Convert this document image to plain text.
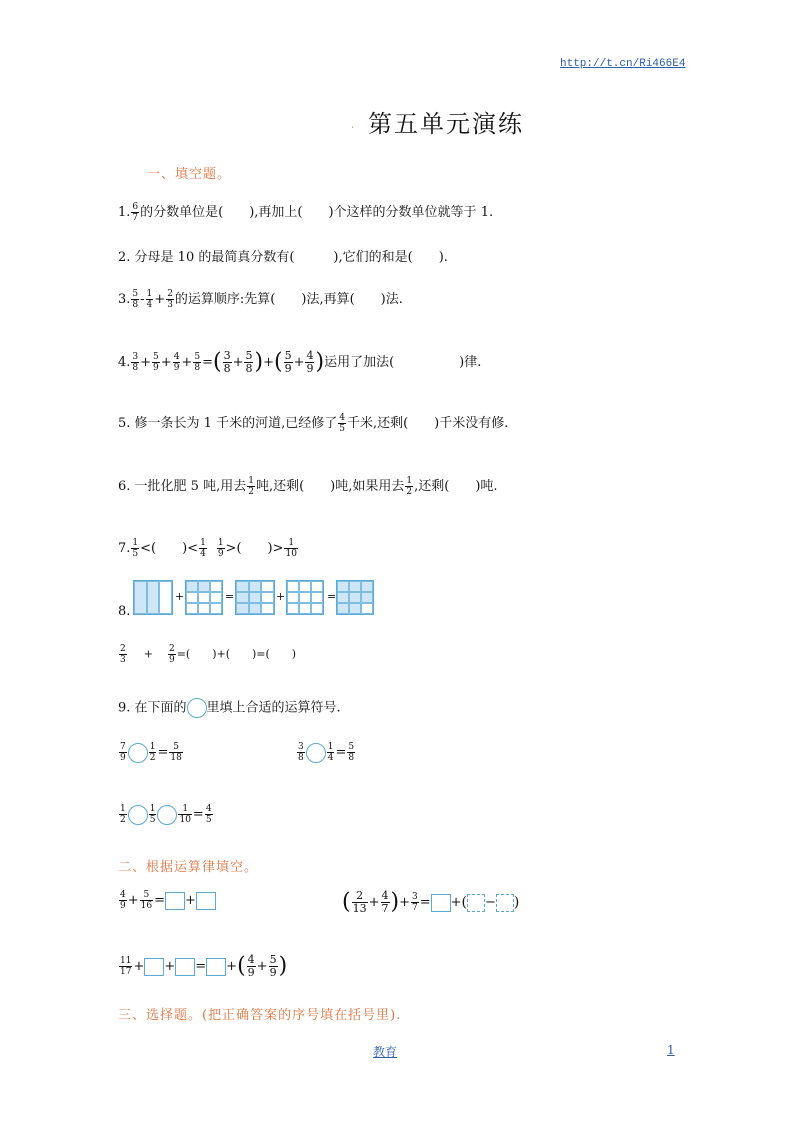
http://t.cn/Ri466E4
. 第五单元演练
一、填空题。
1. $\frac{6}{7}$ 的分数单位是(　　),再加上(　　)个这样的分数单位就等于 1.
2. 分母是 10 的最简真分数有(　　　),它们的和是(　　).
3. $\frac{5}{8} - \frac{1}{4} + \frac{2}{3}$ 的运算顺序:先算(　　)法,再算(　　)法.
4. $\frac{3}{8} + \frac{5}{9} + \frac{4}{9} + \frac{5}{8}$ =( $\frac{3}{8} + \frac{5}{8}$ )+( $\frac{5}{9} + \frac{4}{9}$ )运用了加法(　　　　　)律.
5. 修一条长为 1 千米的河道,已经修了 $\frac{4}{5}$ 千米,还剩(　　)千米没有修.
6. 一批化肥 5 吨,用去 $\frac{1}{2}$ 吨,还剩(　　)吨,如果用去 $\frac{1}{2}$ ,还剩(　　)吨.
7. $\frac{1}{5}$ <(　　)< $\frac{1}{4} \frac{1}{9}$ >(　　)> $\frac{1}{10}$
8.
+	=	+	=
$\frac{2}{3} + \frac{2}{9}$ =(　　)+(　　)=(　　)
9. 在下面的 里填上合适的运算符号.
$\frac{7}{9} \frac{1}{2} = \frac{5}{18}$	$\frac{3}{8} \frac{1}{4} = \frac{5}{8}$
$\frac{1}{2} \frac{1}{5} \frac{1}{10} = \frac{4}{5}$
二、根据运算律填空。
$\frac{4}{9} + \frac{5}{16}$ = +	( $\frac{2}{13} + \frac{4}{7}$ )+ $\frac{3}{7}$ = +( − )
$\frac{11}{17}$ + + = +( $\frac{4}{9} + \frac{5}{9}$ )
三、选择题。(把正确答案的序号填在括号里).
教育	1
